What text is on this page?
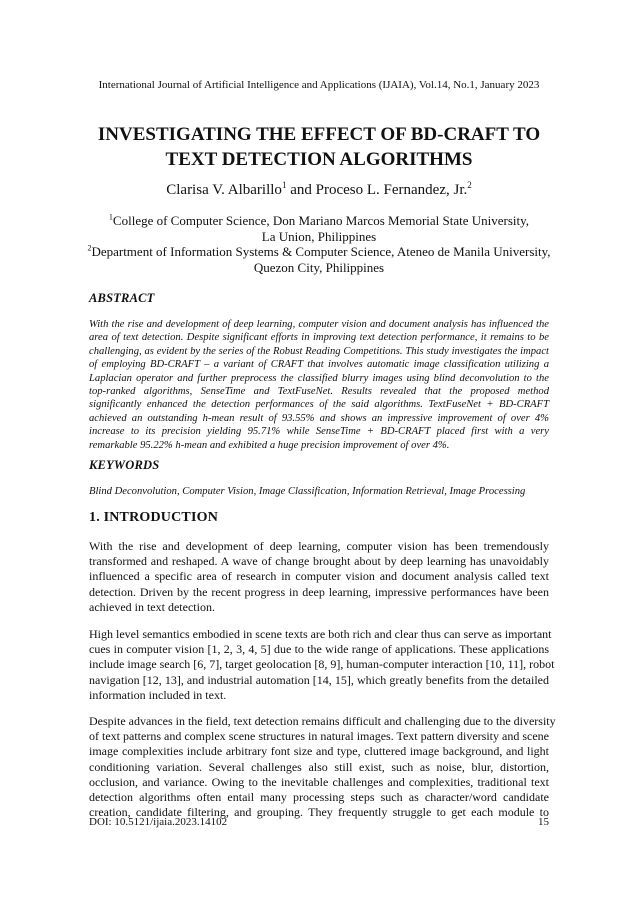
International Journal of Artificial Intelligence and Applications (IJAIA), Vol.14, No.1, January 2023
INVESTIGATING THE EFFECT OF BD-CRAFT TO
TEXT DETECTION ALGORITHMS
Clarisa V. Albarillo$^1$ and Proceso L. Fernandez, Jr.$^2$
$^1$College of Computer Science, Don Mariano Marcos Memorial State University,
La Union, Philippines
$^2$Department of Information Systems & Computer Science, Ateneo de Manila University,
Quezon City, Philippines
ABSTRACT
With the rise and development of deep learning, computer vision and document analysis has influenced the
area of text detection. Despite significant efforts in improving text detection performance, it remains to be
challenging, as evident by the series of the Robust Reading Competitions. This study investigates the impact
of employing BD-CRAFT – a variant of CRAFT that involves automatic image classification utilizing a
Laplacian operator and further preprocess the classified blurry images using blind deconvolution to the
top-ranked algorithms, SenseTime and TextFuseNet. Results revealed that the proposed method
significantly enhanced the detection performances of the said algorithms. TextFuseNet + BD-CRAFT
achieved an outstanding h-mean result of 93.55% and shows an impressive improvement of over 4%
increase to its precision yielding 95.71% while SenseTime + BD-CRAFT placed first with a very
remarkable 95.22% h-mean and exhibited a huge precision improvement of over 4%.
KEYWORDS
Blind Deconvolution, Computer Vision, Image Classification, Information Retrieval, Image Processing
1. INTRODUCTION
With the rise and development of deep learning, computer vision has been tremendously
transformed and reshaped. A wave of change brought about by deep learning has unavoidably
influenced a specific area of research in computer vision and document analysis called text
detection. Driven by the recent progress in deep learning, impressive performances have been
achieved in text detection.
High level semantics embodied in scene texts are both rich and clear thus can serve as important
cues in computer vision [1, 2, 3, 4, 5] due to the wide range of applications. These applications
include image search [6, 7], target geolocation [8, 9], human-computer interaction [10, 11], robot
navigation [12, 13], and industrial automation [14, 15], which greatly benefits from the detailed
information included in text.
Despite advances in the field, text detection remains difficult and challenging due to the diversity
of text patterns and complex scene structures in natural images. Text pattern diversity and scene
image complexities include arbitrary font size and type, cluttered image background, and light
conditioning variation. Several challenges also still exist, such as noise, blur, distortion,
occlusion, and variance. Owing to the inevitable challenges and complexities, traditional text
detection algorithms often entail many processing steps such as character/word candidate
creation, candidate filtering, and grouping. They frequently struggle to get each module to
DOI: 10.5121/ijaia.2023.14102	15
